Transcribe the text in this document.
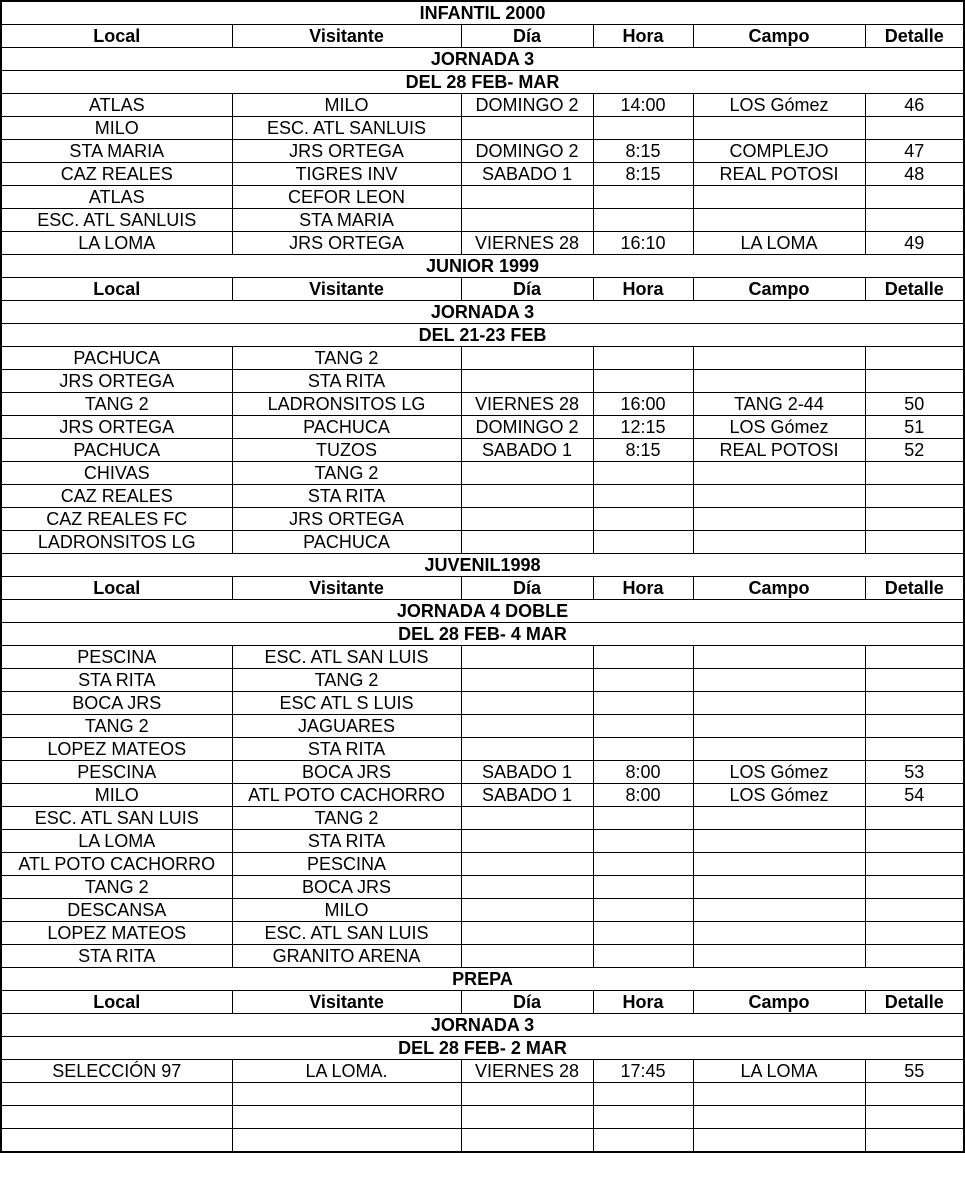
INFANTIL 2000					
Local	Visitante	Día	Hora	Campo	Detalle
JORNADA 3					
DEL 28 FEB- MAR					
ATLAS	MILO	DOMINGO 2	14:00	LOS Gómez	46
MILO	ESC. ATL SANLUIS				
STA MARIA	JRS ORTEGA	DOMINGO 2	8:15	COMPLEJO	47
CAZ REALES	TIGRES INV	SABADO 1	8:15	REAL POTOSI	48
ATLAS	CEFOR LEON				
ESC. ATL SANLUIS	STA MARIA				
LA LOMA	JRS ORTEGA	VIERNES 28	16:10	LA LOMA	49
JUNIOR 1999					
Local	Visitante	Día	Hora	Campo	Detalle
JORNADA 3					
DEL 21-23 FEB					
PACHUCA	TANG 2				
JRS ORTEGA	STA RITA				
TANG 2	LADRONSITOS LG	VIERNES 28	16:00	TANG 2-44	50
JRS ORTEGA	PACHUCA	DOMINGO 2	12:15	LOS Gómez	51
PACHUCA	TUZOS	SABADO 1	8:15	REAL POTOSI	52
CHIVAS	TANG 2				
CAZ REALES	STA RITA				
CAZ REALES FC	JRS ORTEGA				
LADRONSITOS LG	PACHUCA				
JUVENIL1998					
Local	Visitante	Día	Hora	Campo	Detalle
JORNADA 4 DOBLE					
DEL 28 FEB- 4 MAR					
PESCINA	ESC. ATL SAN LUIS				
STA RITA	TANG 2				
BOCA JRS	ESC ATL S LUIS				
TANG 2	JAGUARES				
LOPEZ MATEOS	STA RITA				
PESCINA	BOCA JRS	SABADO 1	8:00	LOS Gómez	53
MILO	ATL POTO CACHORRO	SABADO 1	8:00	LOS Gómez	54
ESC. ATL SAN LUIS	TANG 2				
LA LOMA	STA RITA				
ATL POTO CACHORRO	PESCINA				
TANG 2	BOCA JRS				
DESCANSA	MILO				
LOPEZ MATEOS	ESC. ATL SAN LUIS				
STA RITA	GRANITO ARENA				
PREPA					
Local	Visitante	Día	Hora	Campo	Detalle
JORNADA 3					
DEL 28 FEB- 2 MAR					
SELECCIÓN 97	LA LOMA.	VIERNES 28	17:45	LA LOMA	55
